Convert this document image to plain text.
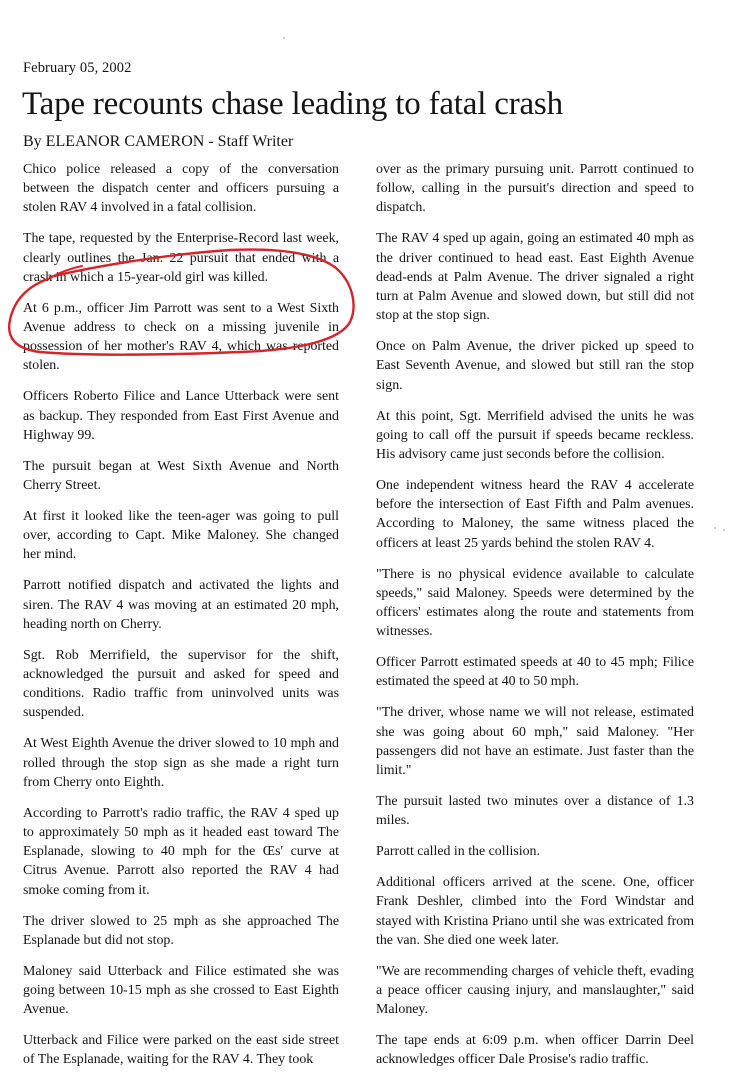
February 05, 2002
Tape recounts chase leading to fatal crash
By ELEANOR CAMERON - Staff Writer

Chico police released a copy of the conversation between the dispatch center and officers pursuing a stolen RAV 4 involved in a fatal collision.

The tape, requested by the Enterprise-Record last week, clearly outlines the Jan. 22 pursuit that ended with a crash in which a 15-year-old girl was killed.

At 6 p.m., officer Jim Parrott was sent to a West Sixth Avenue address to check on a missing juvenile in possession of her mother's RAV 4, which was reported stolen.

Officers Roberto Filice and Lance Utterback were sent as backup. They responded from East First Avenue and Highway 99.

The pursuit began at West Sixth Avenue and North Cherry Street.

At first it looked like the teen-ager was going to pull over, according to Capt. Mike Maloney. She changed her mind.

Parrott notified dispatch and activated the lights and siren. The RAV 4 was moving at an estimated 20 mph, heading north on Cherry.

Sgt. Rob Merrifield, the supervisor for the shift, acknowledged the pursuit and asked for speed and conditions. Radio traffic from uninvolved units was suspended.

At West Eighth Avenue the driver slowed to 10 mph and rolled through the stop sign as she made a right turn from Cherry onto Eighth.

According to Parrott's radio traffic, the RAV 4 sped up to approximately 50 mph as it headed east toward The Esplanade, slowing to 40 mph for the Œs' curve at Citrus Avenue. Parrott also reported the RAV 4 had smoke coming from it.

The driver slowed to 25 mph as she approached The Esplanade but did not stop.

Maloney said Utterback and Filice estimated she was going between 10-15 mph as she crossed to East Eighth Avenue.

Utterback and Filice were parked on the east side street of The Esplanade, waiting for the RAV 4. They took

over as the primary pursuing unit. Parrott continued to follow, calling in the pursuit's direction and speed to dispatch.

The RAV 4 sped up again, going an estimated 40 mph as the driver continued to head east. East Eighth Avenue dead-ends at Palm Avenue. The driver signaled a right turn at Palm Avenue and slowed down, but still did not stop at the stop sign.

Once on Palm Avenue, the driver picked up speed to East Seventh Avenue, and slowed but still ran the stop sign.

At this point, Sgt. Merrifield advised the units he was going to call off the pursuit if speeds became reckless. His advisory came just seconds before the collision.

One independent witness heard the RAV 4 accelerate before the intersection of East Fifth and Palm avenues. According to Maloney, the same witness placed the officers at least 25 yards behind the stolen RAV 4.

"There is no physical evidence available to calculate speeds," said Maloney. Speeds were determined by the officers' estimates along the route and statements from witnesses.

Officer Parrott estimated speeds at 40 to 45 mph; Filice estimated the speed at 40 to 50 mph.

"The driver, whose name we will not release, estimated she was going about 60 mph," said Maloney. "Her passengers did not have an estimate. Just faster than the limit."

The pursuit lasted two minutes over a distance of 1.3 miles.

Parrott called in the collision.

Additional officers arrived at the scene. One, officer Frank Deshler, climbed into the Ford Windstar and stayed with Kristina Priano until she was extricated from the van. She died one week later.

"We are recommending charges of vehicle theft, evading a peace officer causing injury, and manslaughter," said Maloney.

The tape ends at 6:09 p.m. when officer Darrin Deel acknowledges officer Dale Prosise's radio traffic.
